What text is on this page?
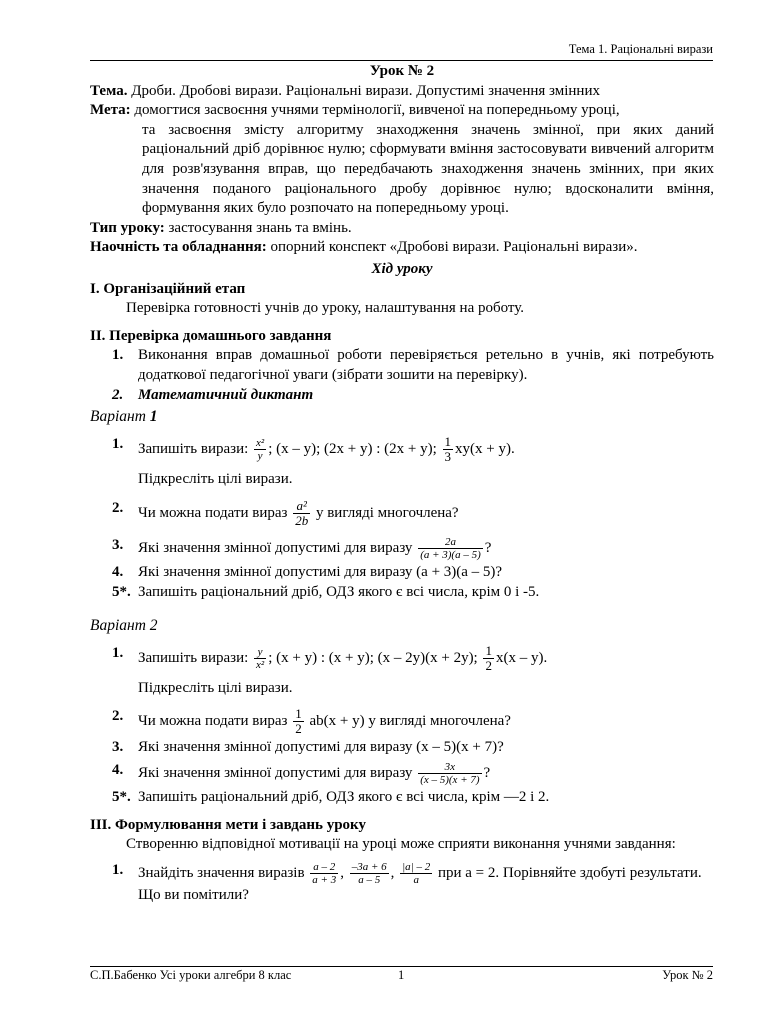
Тема 1. Раціональні вирази
Урок № 2
Тема. Дроби. Дробові вирази. Раціональні вирази. Допустимі значення змінних
Мета: домогтися засвоєння учнями термінології, вивченої на попередньому уроці,
та засвоєння змісту алгоритму знаходження значень змінної, при яких даний раціональний дріб дорівнює нулю; сформувати вміння застосовувати вивчений алгоритм для розв'язування вправ, що передбачають знаходження значень змінних, при яких значення поданого раціонального дробу дорівнює нулю; вдосконалити вміння, формування яких було розпочато на попередньому уроці.
Тип уроку: застосування знань та вмінь.
Наочність та обладнання: опорний конспект «Дробові вирази. Раціональні вирази».
Хід уроку
І. Організаційний етап
Перевірка готовності учнів до уроку, налаштування на роботу.
II. Перевірка домашнього завдання
1. Виконання вправ домашньої роботи перевіряється ретельно в учнів, які потребують додаткової педагогічної уваги (зібрати зошити на перевірку).
2. Математичний диктант
Варіант 1
1. Запишіть вирази: $\frac{\text{x²}}{y}$ ; (x – y); (2x + y) : (2x + y); $\frac{1}{3} xy(x + y)$.
Підкресліть цілі вирази.
2. Чи можна подати вираз $\frac{\text{a²}}{2b}$ у вигляді многочлена?
3. Які значення змінної допустимі для виразу $\frac{2a}{(a + 3)(a - 5)}$ ?
4. Які значення змінної допустимі для виразу (a + 3)(a – 5)?
5*. Запишіть раціональний дріб, ОДЗ якого є всі числа, крім 0 і -5.
Варіант 2
1. Запишіть вирази: $\frac{y}{\text{x²}}$ ; (x + y) : (x + y); (x – 2y)(x + 2y); $\frac{1}{2} x(x - y)$.
Підкресліть цілі вирази.
2. Чи можна подати вираз $\frac{1}{2} ab(x + y)$ у вигляді многочлена?
3. Які значення змінної допустимі для виразу (x – 5)(x + 7)?
4. Які значення змінної допустимі для виразу $\frac{3x}{(x - 5)(x + 7)}$ ?
5*. Запишіть раціональний дріб, ОДЗ якого є всі числа, крім —2 і 2.
III. Формулювання мети і завдань уроку
Створенню відповідної мотивації на уроці може сприяти виконання учнями завдання:
1. Знайдіть значення виразів $\frac{a - 2}{a + 3}$ , $\frac{-3a + 6}{a - 5}$ , $\frac{|a| - 2}{a}$ при a = 2. Порівняйте здобуті результати. Що ви помітили?
С.П.Бабенко Усі уроки алгебри 8 клас	1	Урок № 2
